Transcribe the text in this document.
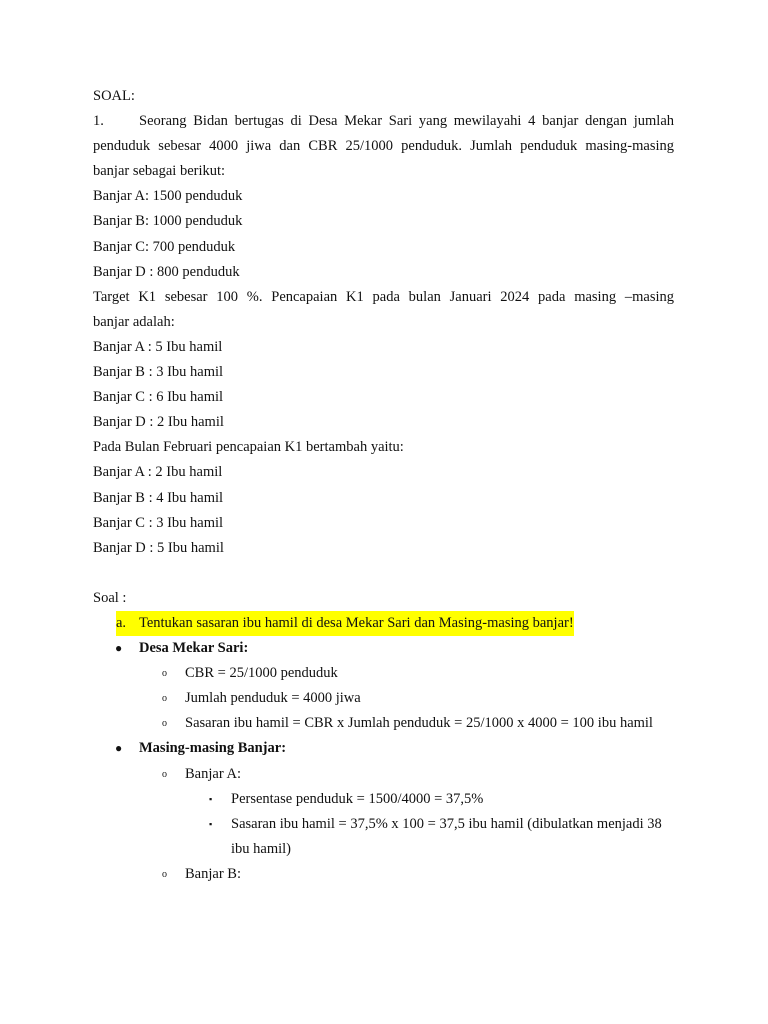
SOAL:
1.	Seorang Bidan bertugas di Desa Mekar Sari yang mewilayahi 4 banjar dengan jumlah
penduduk sebesar 4000 jiwa dan CBR 25/1000 penduduk. Jumlah penduduk masing-masing
banjar sebagai berikut:
Banjar A: 1500 penduduk
Banjar B: 1000 penduduk
Banjar C: 700 penduduk
Banjar D : 800 penduduk
Target K1 sebesar 100 %. Pencapaian K1 pada bulan Januari 2024 pada masing –masing
banjar adalah:
Banjar A : 5 Ibu hamil
Banjar B : 3 Ibu hamil
Banjar C : 6 Ibu hamil
Banjar D : 2 Ibu hamil
Pada Bulan Februari pencapaian K1 bertambah yaitu:
Banjar A : 2 Ibu hamil
Banjar B : 4 Ibu hamil
Banjar C : 3 Ibu hamil
Banjar D : 5 Ibu hamil
Soal :
a. Tentukan sasaran ibu hamil di desa Mekar Sari dan Masing-masing banjar!
●	Desa Mekar Sari:
o	CBR = 25/1000 penduduk
o	Jumlah penduduk = 4000 jiwa
o	Sasaran ibu hamil = CBR x Jumlah penduduk = 25/1000 x 4000 = 100 ibu hamil
●	Masing-masing Banjar:
o	Banjar A:
▪	Persentase penduduk = 1500/4000 = 37,5%
▪	Sasaran ibu hamil = 37,5% x 100 = 37,5 ibu hamil (dibulatkan menjadi 38 ibu hamil)
o	Banjar B:
